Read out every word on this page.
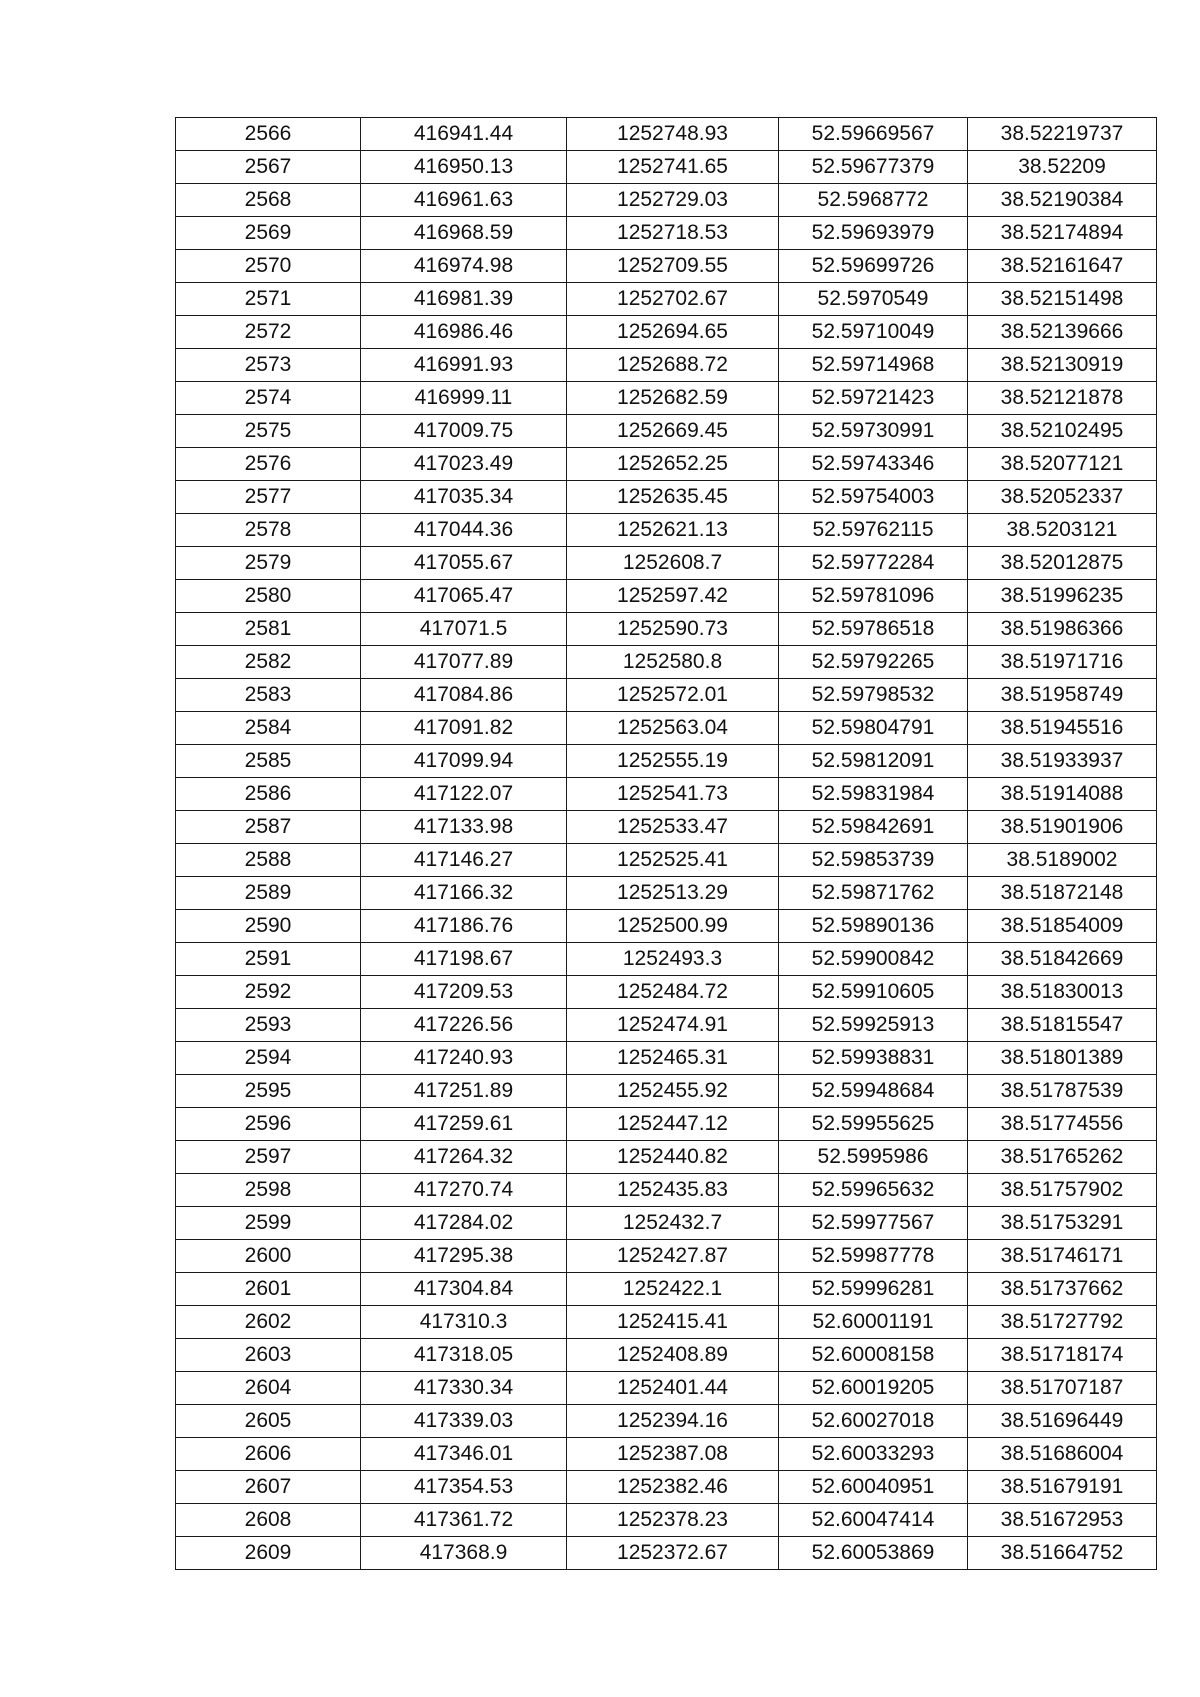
2566	416941.44	1252748.93	52.59669567	38.52219737
2567	416950.13	1252741.65	52.59677379	38.52209
2568	416961.63	1252729.03	52.5968772	38.52190384
2569	416968.59	1252718.53	52.59693979	38.52174894
2570	416974.98	1252709.55	52.59699726	38.52161647
2571	416981.39	1252702.67	52.5970549	38.52151498
2572	416986.46	1252694.65	52.59710049	38.52139666
2573	416991.93	1252688.72	52.59714968	38.52130919
2574	416999.11	1252682.59	52.59721423	38.52121878
2575	417009.75	1252669.45	52.59730991	38.52102495
2576	417023.49	1252652.25	52.59743346	38.52077121
2577	417035.34	1252635.45	52.59754003	38.52052337
2578	417044.36	1252621.13	52.59762115	38.5203121
2579	417055.67	1252608.7	52.59772284	38.52012875
2580	417065.47	1252597.42	52.59781096	38.51996235
2581	417071.5	1252590.73	52.59786518	38.51986366
2582	417077.89	1252580.8	52.59792265	38.51971716
2583	417084.86	1252572.01	52.59798532	38.51958749
2584	417091.82	1252563.04	52.59804791	38.51945516
2585	417099.94	1252555.19	52.59812091	38.51933937
2586	417122.07	1252541.73	52.59831984	38.51914088
2587	417133.98	1252533.47	52.59842691	38.51901906
2588	417146.27	1252525.41	52.59853739	38.5189002
2589	417166.32	1252513.29	52.59871762	38.51872148
2590	417186.76	1252500.99	52.59890136	38.51854009
2591	417198.67	1252493.3	52.59900842	38.51842669
2592	417209.53	1252484.72	52.59910605	38.51830013
2593	417226.56	1252474.91	52.59925913	38.51815547
2594	417240.93	1252465.31	52.59938831	38.51801389
2595	417251.89	1252455.92	52.59948684	38.51787539
2596	417259.61	1252447.12	52.59955625	38.51774556
2597	417264.32	1252440.82	52.5995986	38.51765262
2598	417270.74	1252435.83	52.59965632	38.51757902
2599	417284.02	1252432.7	52.59977567	38.51753291
2600	417295.38	1252427.87	52.59987778	38.51746171
2601	417304.84	1252422.1	52.59996281	38.51737662
2602	417310.3	1252415.41	52.60001191	38.51727792
2603	417318.05	1252408.89	52.60008158	38.51718174
2604	417330.34	1252401.44	52.60019205	38.51707187
2605	417339.03	1252394.16	52.60027018	38.51696449
2606	417346.01	1252387.08	52.60033293	38.51686004
2607	417354.53	1252382.46	52.60040951	38.51679191
2608	417361.72	1252378.23	52.60047414	38.51672953
2609	417368.9	1252372.67	52.60053869	38.51664752
